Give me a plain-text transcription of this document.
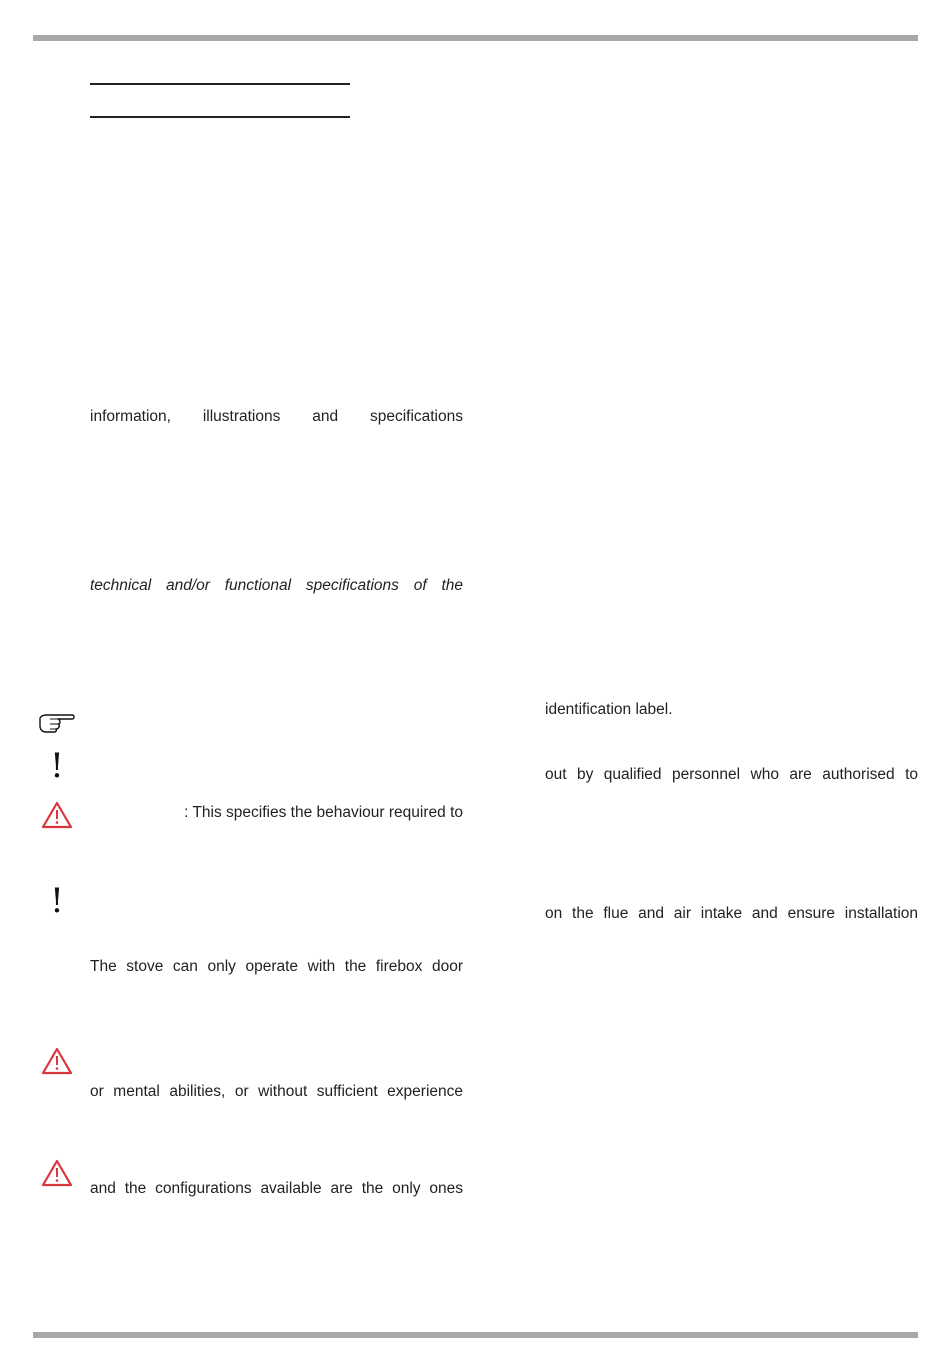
information, illustrations and specifications
technical and/or functional specifications of the
!
: This specifies the behaviour required to
!
The stove can only operate with the firebox door
or mental abilities, or without sufficient experience
and the configurations available are the only ones
identification label.
out by qualified personnel who are authorised to
on the flue and air intake and ensure installation
